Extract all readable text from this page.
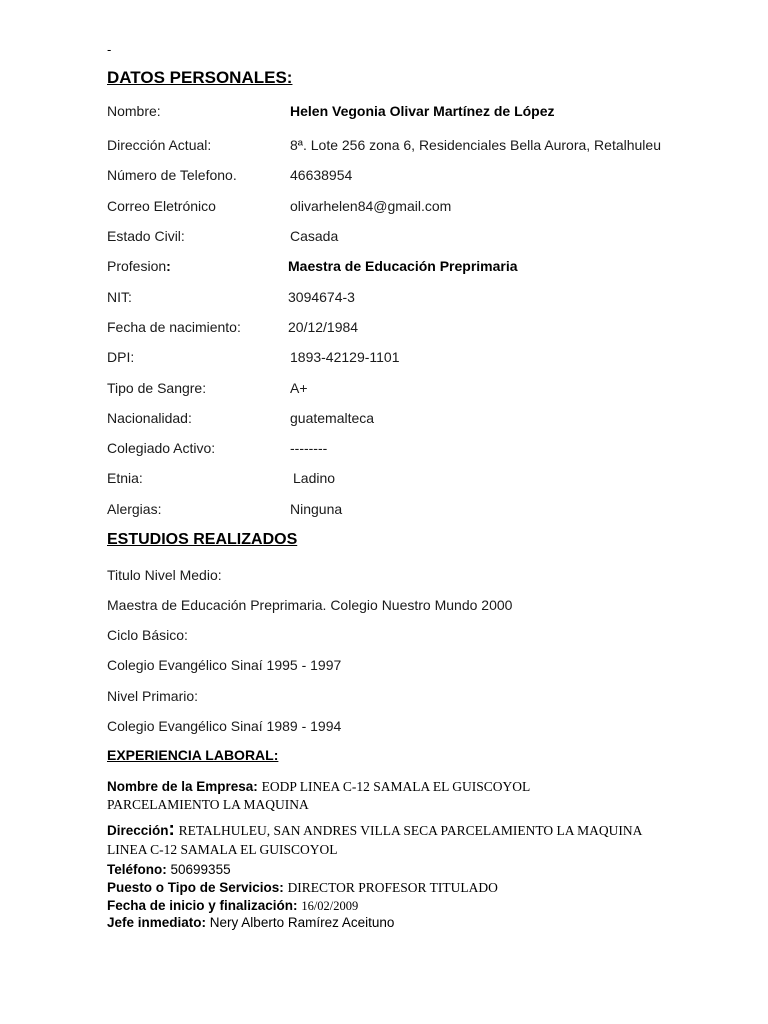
-
DATOS PERSONALES:
Nombre:	Helen Vegonia Olivar Martínez de López
Dirección Actual:	8ª. Lote 256 zona 6, Residenciales Bella Aurora, Retalhuleu
Número de Telefono.	46638954
Correo Eletrónico	olivarhelen84@gmail.com
Estado Civil:	Casada
Profesion:	Maestra de Educación Preprimaria
NIT:	3094674-3
Fecha de nacimiento:	20/12/1984
DPI:	1893-42129-1101
Tipo de Sangre:	A+
Nacionalidad:	guatemalteca
Colegiado Activo:	--------
Etnia:	Ladino
Alergias:	Ninguna
ESTUDIOS REALIZADOS
Titulo Nivel Medio:
Maestra de Educación Preprimaria. Colegio Nuestro Mundo 2000
Ciclo Básico:
Colegio Evangélico Sinaí 1995 - 1997
Nivel Primario:
Colegio Evangélico Sinaí 1989 - 1994
EXPERIENCIA LABORAL:
Nombre de la Empresa: EODP LINEA C-12 SAMALA EL GUISCOYOL PARCELAMIENTO LA MAQUINA
Dirección: RETALHULEU, SAN ANDRES VILLA SECA PARCELAMIENTO LA MAQUINA LINEA C-12 SAMALA EL GUISCOYOL
Teléfono: 50699355
Puesto o Tipo de Servicios: DIRECTOR PROFESOR TITULADO
Fecha de inicio y finalización: 16/02/2009
Jefe inmediato: Nery Alberto Ramírez Aceituno
